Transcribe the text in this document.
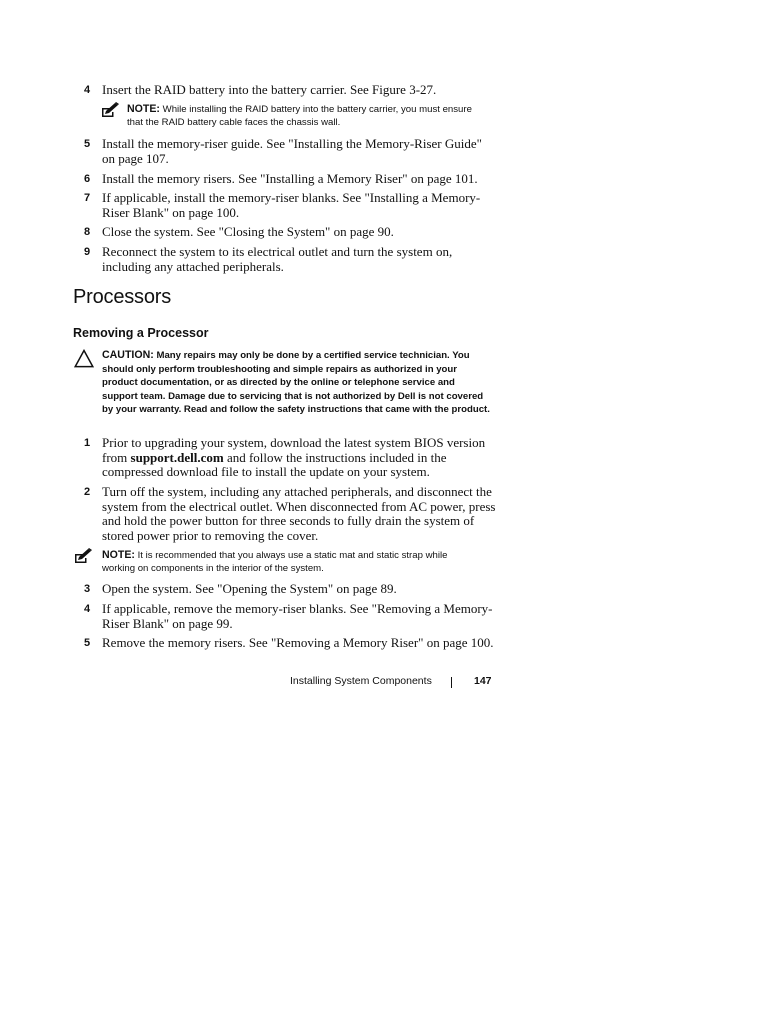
4 Insert the RAID battery into the battery carrier. See Figure 3-27.
NOTE: While installing the RAID battery into the battery carrier, you must ensure that the RAID battery cable faces the chassis wall.
5 Install the memory-riser guide. See "Installing the Memory-Riser Guide" on page 107.
6 Install the memory risers. See "Installing a Memory Riser" on page 101.
7 If applicable, install the memory-riser blanks. See "Installing a Memory-Riser Blank" on page 100.
8 Close the system. See "Closing the System" on page 90.
9 Reconnect the system to its electrical outlet and turn the system on, including any attached peripherals.
Processors
Removing a Processor
CAUTION: Many repairs may only be done by a certified service technician. You should only perform troubleshooting and simple repairs as authorized in your product documentation, or as directed by the online or telephone service and support team. Damage due to servicing that is not authorized by Dell is not covered by your warranty. Read and follow the safety instructions that came with the product.
1 Prior to upgrading your system, download the latest system BIOS version from support.dell.com and follow the instructions included in the compressed download file to install the update on your system.
2 Turn off the system, including any attached peripherals, and disconnect the system from the electrical outlet. When disconnected from AC power, press and hold the power button for three seconds to fully drain the system of stored power prior to removing the cover.
NOTE: It is recommended that you always use a static mat and static strap while working on components in the interior of the system.
3 Open the system. See "Opening the System" on page 89.
4 If applicable, remove the memory-riser blanks. See "Removing a Memory-Riser Blank" on page 99.
5 Remove the memory risers. See "Removing a Memory Riser" on page 100.
Installing System Components	147
